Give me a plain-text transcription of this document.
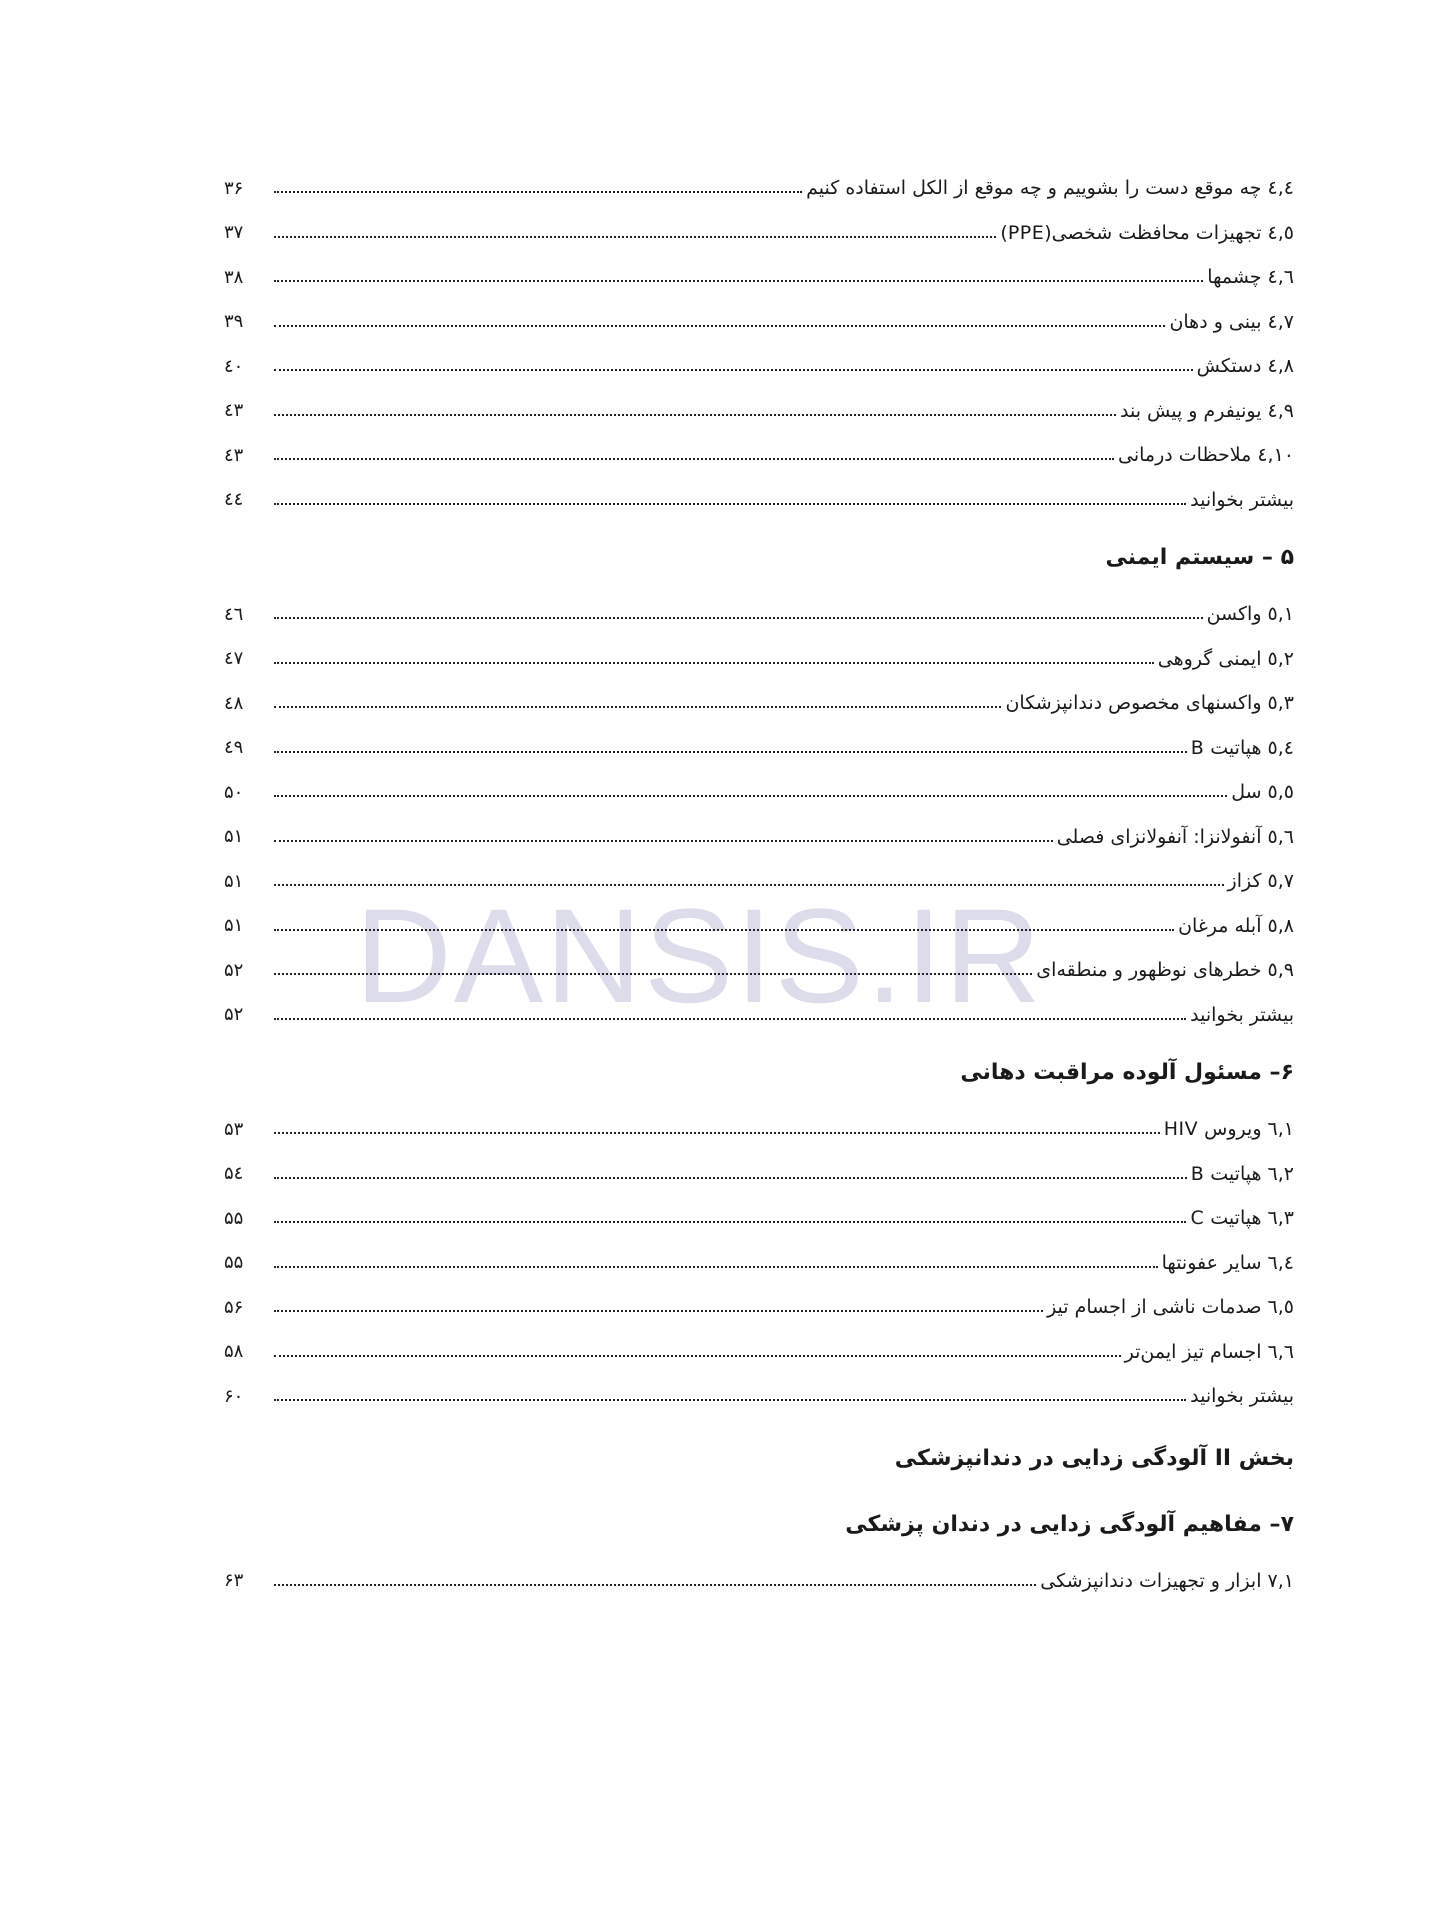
DANSIS.IR
۳۶	٤,٤ چه موقع دست را بشوییم و چه موقع از الکل استفاده کنیم
۳۷	٤,٥ تجهیزات محافظت شخصی(PPE)
۳۸	٤,٦ چشمها
۳۹	٤,٧ بینی و دهان
٤۰	٤,٨ دستکش
٤۳	٤,٩ یونیفرم و پیش بند
٤۳	٤,١٠ ملاحظات درمانی
٤٤	بیشتر بخوانید
۵ – سیستم ایمنی
٤٦	٥,١ واکسن
٤۷	٥,٢ ایمنی گروهی
٤۸	٥,٣ واکسنهای مخصوص دندانپزشکان
٤۹	٥,٤ هپاتیت B
۵۰	٥,٥ سل
۵۱	٥,٦ آنفولانزا: آنفولانزای فصلی
۵۱	٥,٧ کزاز
۵۱	٥,٨ آبله مرغان
۵۲	٥,٩ خطرهای نوظهور و منطقه‌ای
۵۲	بیشتر بخوانید
۶– مسئول آلوده مراقبت دهانی
۵۳	٦,١ ویروس HIV
۵٤	٦,٢ هپاتیت B
۵۵	٦,٣ هپاتیت C
۵۵	٦,٤ سایر عفونتها
۵۶	٦,٥ صدمات ناشی از اجسام تیز
۵۸	٦,٦ اجسام تیز ایمن‌تر
۶۰	بیشتر بخوانید
بخش II آلودگی زدایی در دندانپزشکی
۷– مفاهیم آلودگی زدایی در دندان پزشکی
۶۳	٧,١ ابزار و تجهیزات دندانپزشکی
